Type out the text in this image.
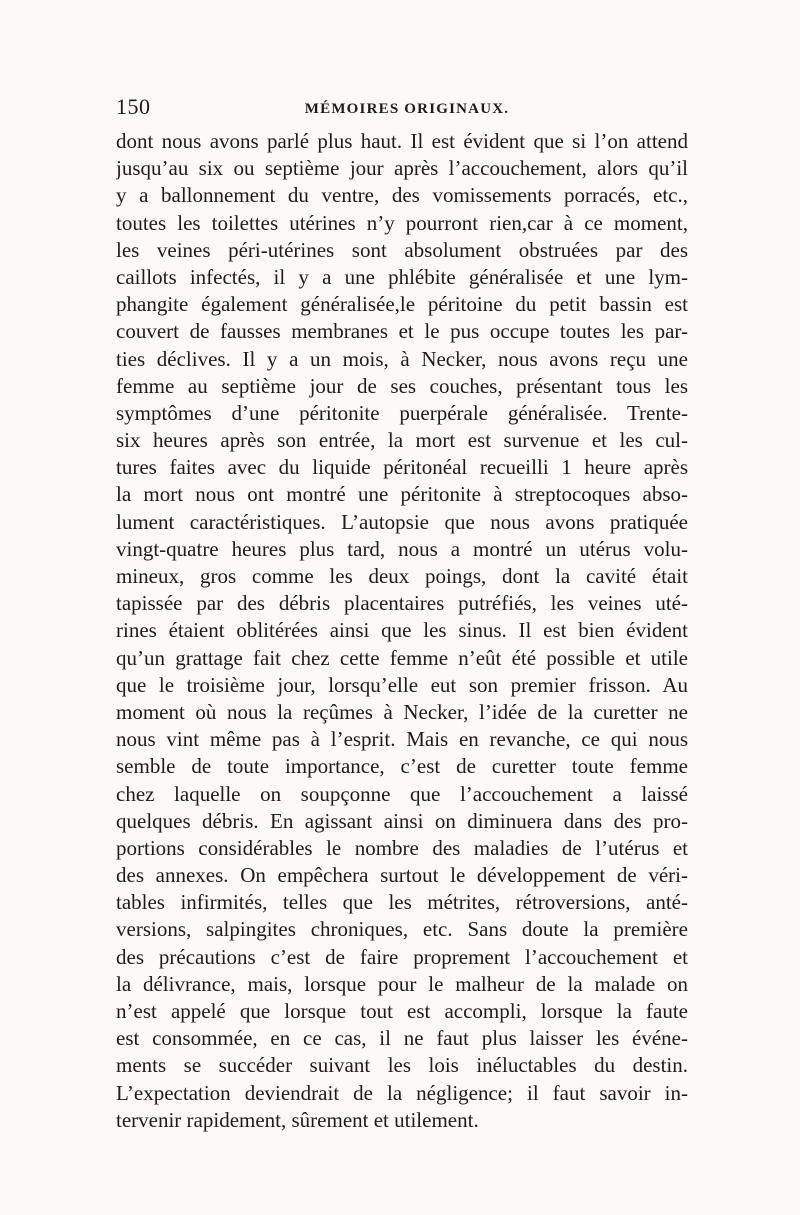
150	MÉMOIRES ORIGINAUX.
dont nous avons parlé plus haut. Il est évident que si l’on attend
jusqu’au six ou septième jour après l’accouchement, alors qu’il
y a ballonnement du ventre, des vomissements porracés, etc.,
toutes les toilettes utérines n’y pourront rien,car à ce moment,
les veines péri-utérines sont absolument obstruées par des
caillots infectés, il y a une phlébite généralisée et une lym-
phangite également généralisée,le péritoine du petit bassin est
couvert de fausses membranes et le pus occupe toutes les par-
ties déclives. Il y a un mois, à Necker, nous avons reçu une
femme au septième jour de ses couches, présentant tous les
symptômes d’une péritonite puerpérale généralisée. Trente-
six heures après son entrée, la mort est survenue et les cul-
tures faites avec du liquide péritonéal recueilli 1 heure après
la mort nous ont montré une péritonite à streptocoques abso-
lument caractéristiques. L’autopsie que nous avons pratiquée
vingt-quatre heures plus tard, nous a montré un utérus volu-
mineux, gros comme les deux poings, dont la cavité était
tapissée par des débris placentaires putréfiés, les veines uté-
rines étaient oblitérées ainsi que les sinus. Il est bien évident
qu’un grattage fait chez cette femme n’eût été possible et utile
que le troisième jour, lorsqu’elle eut son premier frisson. Au
moment où nous la reçûmes à Necker, l’idée de la curetter ne
nous vint même pas à l’esprit. Mais en revanche, ce qui nous
semble de toute importance, c’est de curetter toute femme
chez laquelle on soupçonne que l’accouchement a laissé
quelques débris. En agissant ainsi on diminuera dans des pro-
portions considérables le nombre des maladies de l’utérus et
des annexes. On empêchera surtout le développement de véri-
tables infirmités, telles que les métrites, rétroversions, anté-
versions, salpingites chroniques, etc. Sans doute la première
des précautions c’est de faire proprement l’accouchement et
la délivrance, mais, lorsque pour le malheur de la malade on
n’est appelé que lorsque tout est accompli, lorsque la faute
est consommée, en ce cas, il ne faut plus laisser les événe-
ments se succéder suivant les lois inéluctables du destin.
L’expectation deviendrait de la négligence; il faut savoir in-
tervenir rapidement, sûrement et utilement.
